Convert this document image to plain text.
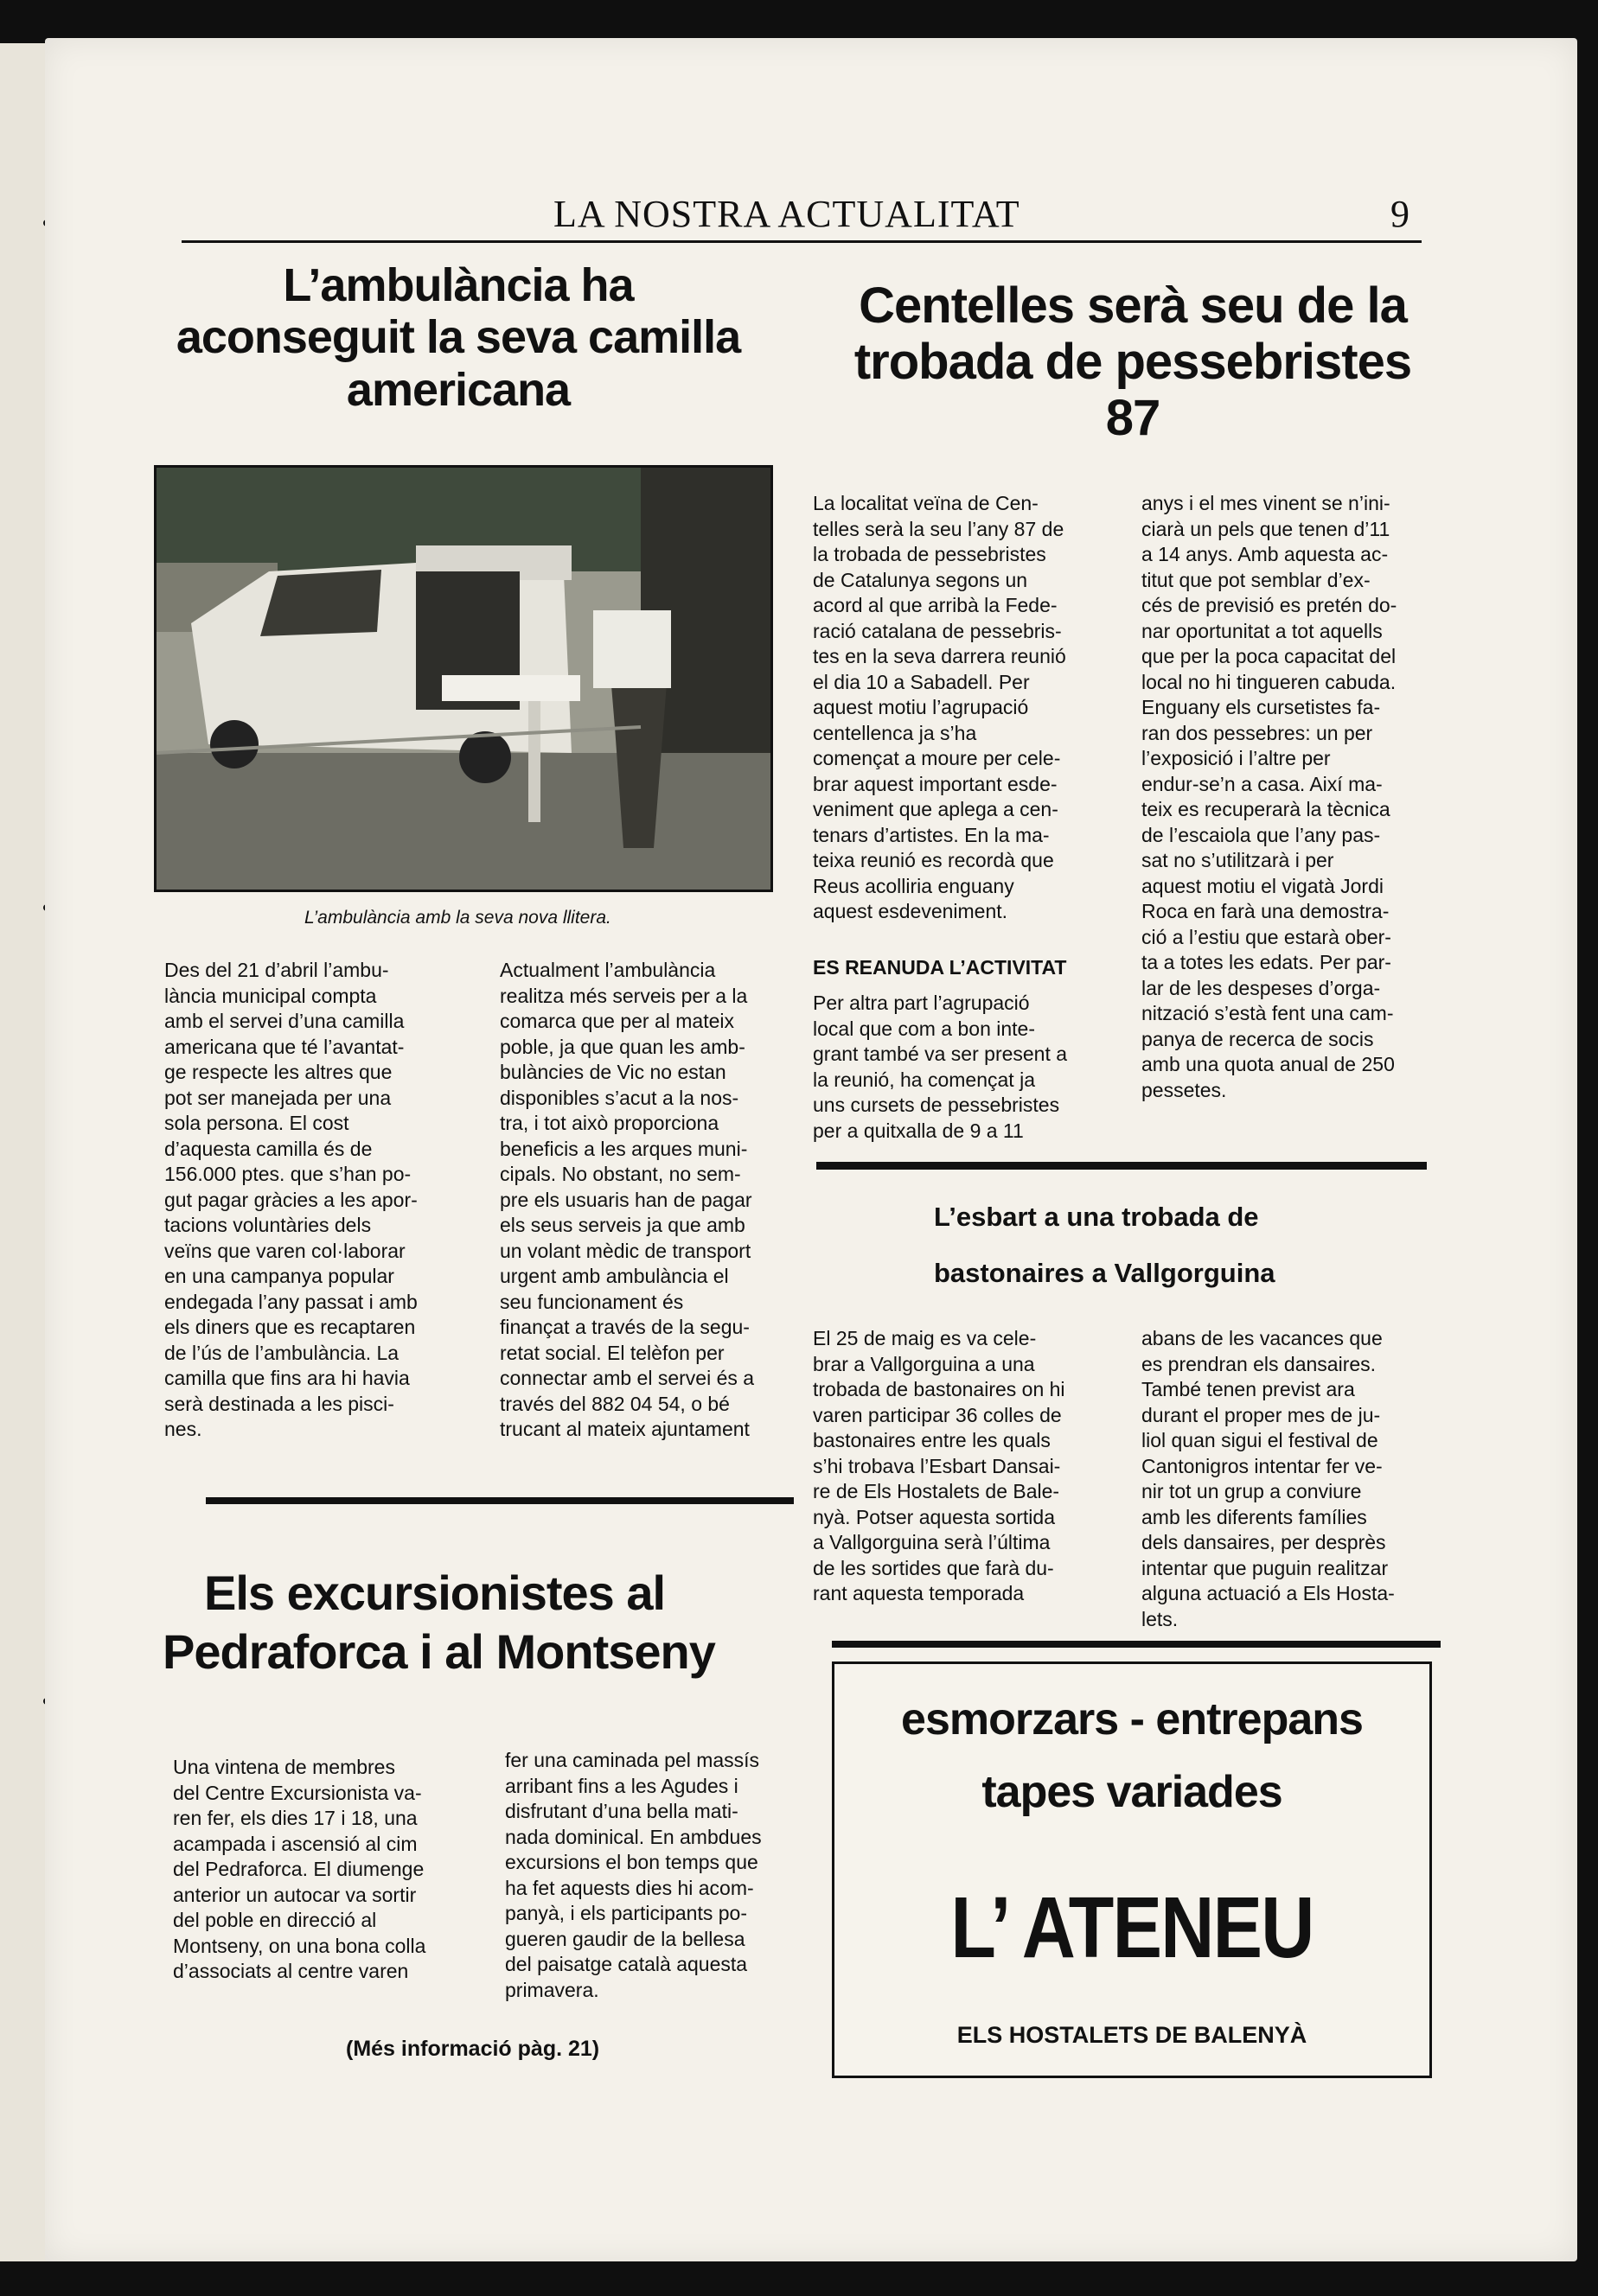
LA NOSTRA ACTUALITAT	9
L’ambulància ha aconseguit la seva camilla americana
L’ambulància amb la seva nova llitera.
Des del 21 d’abril l’ambu-
lància municipal compta
amb el servei d’una camilla
americana que té l’avantat-
ge respecte les altres que
pot ser manejada per una
sola persona. El cost
d’aquesta camilla és de
156.000 ptes. que s’han po-
gut pagar gràcies a les apor-
tacions voluntàries dels
veïns que varen col·laborar
en una campanya popular
endegada l’any passat i amb
els diners que es recaptaren
de l’ús de l’ambulància. La
camilla que fins ara hi havia
serà destinada a les pisci-
nes.
Actualment l’ambulància
realitza més serveis per a la
comarca que per al mateix
poble, ja que quan les amb-
bulàncies de Vic no estan
disponibles s’acut a la nos-
tra, i tot això proporciona
beneficis a les arques muni-
cipals. No obstant, no sem-
pre els usuaris han de pagar
els seus serveis ja que amb
un volant mèdic de transport
urgent amb ambulància el
seu funcionament és
finançat a través de la segu-
retat social. El telèfon per
connectar amb el servei és a
través del 882 04 54, o bé
trucant al mateix ajuntament
Els excursionistes al
Pedraforca i al Montseny
Una vintena de membres
del Centre Excursionista va-
ren fer, els dies 17 i 18, una
acampada i ascensió al cim
del Pedraforca. El diumenge
anterior un autocar va sortir
del poble en direcció al
Montseny, on una bona colla
d’associats al centre varen
fer una caminada pel massís
arribant fins a les Agudes i
disfrutant d’una bella mati-
nada dominical. En ambdues
excursions el bon temps que
ha fet aquests dies hi acom-
panyà, i els participants po-
gueren gaudir de la bellesa
del paisatge català aquesta
primavera.
(Més informació pàg. 21)
Centelles serà seu de la trobada de pessebristes 87
La localitat veïna de Cen-
telles serà la seu l’any 87 de
la trobada de pessebristes
de Catalunya segons un
acord al que arribà la Fede-
ració catalana de pessebris-
tes en la seva darrera reunió
el dia 10 a Sabadell. Per
aquest motiu l’agrupació
centellenca ja s’ha
començat a moure per cele-
brar aquest important esde-
veniment que aplega a cen-
tenars d’artistes. En la ma-
teixa reunió es recordà que
Reus acolliria enguany
aquest esdeveniment.
ES REANUDA L’ACTIVITAT
Per altra part l’agrupació
local que com a bon inte-
grant també va ser present a
la reunió, ha començat ja
uns cursets de pessebristes
per a quitxalla de 9 a 11
anys i el mes vinent se n’ini-
ciarà un pels que tenen d’11
a 14 anys. Amb aquesta ac-
titut que pot semblar d’ex-
cés de previsió es pretén do-
nar oportunitat a tot aquells
que per la poca capacitat del
local no hi tingueren cabuda.
Enguany els cursetistes fa-
ran dos pessebres: un per
l’exposició i l’altre per
endur-se’n a casa. Així ma-
teix es recuperarà la tècnica
de l’escaiola que l’any pas-
sat no s’utilitzarà i per
aquest motiu el vigatà Jordi
Roca en farà una demostra-
ció a l’estiu que estarà ober-
ta a totes les edats. Per par-
lar de les despeses d’orga-
nització s’està fent una cam-
panya de recerca de socis
amb una quota anual de 250
pessetes.
L’esbart a una trobada de
bastonaires a Vallgorguina
El 25 de maig es va cele-
brar a Vallgorguina a una
trobada de bastonaires on hi
varen participar 36 colles de
bastonaires entre les quals
s’hi trobava l’Esbart Dansai-
re de Els Hostalets de Bale-
nyà. Potser aquesta sortida
a Vallgorguina serà l’última
de les sortides que farà du-
rant aquesta temporada
abans de les vacances que
es prendran els dansaires.
També tenen previst ara
durant el proper mes de ju-
liol quan sigui el festival de
Cantonigros intentar fer ve-
nir tot un grup a conviure
amb les diferents famílies
dels dansaires, per desprès
intentar que puguin realitzar
alguna actuació a Els Hosta-
lets.
esmorzars - entrepans
tapes variades
L’ ATENEU
ELS HOSTALETS DE BALENYÀ
